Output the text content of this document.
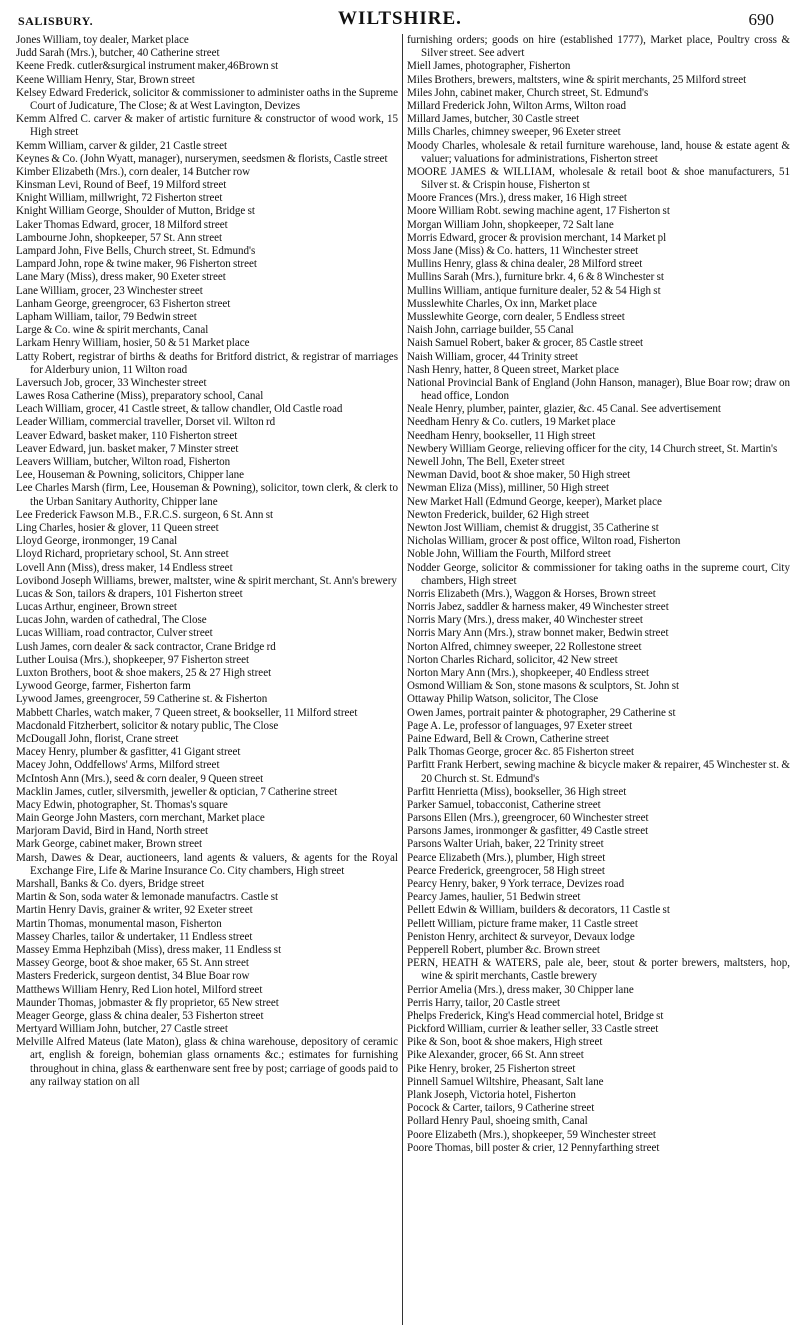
SALISBURY.	WILTSHIRE.	690
Jones William, toy dealer, Market place
Judd Sarah (Mrs.), butcher, 40 Catherine street
Keene Fredk. cutler&surgical instrument maker,46Brown st
Keene William Henry, Star, Brown street
Kelsey Edward Frederick, solicitor & commissioner to administer oaths in the Supreme Court of Judicature, The Close; & at West Lavington, Devizes
Kemm Alfred C. carver & maker of artistic furniture & constructor of wood work, 15 High street
Kemm William, carver & gilder, 21 Castle street
Keynes & Co. (John Wyatt, manager), nurserymen, seedsmen & florists, Castle street
Kimber Elizabeth (Mrs.), corn dealer, 14 Butcher row
Kinsman Levi, Round of Beef, 19 Milford street
Knight William, millwright, 72 Fisherton street
Knight William George, Shoulder of Mutton, Bridge st
Laker Thomas Edward, grocer, 18 Milford street
Lambourne John, shopkeeper, 57 St. Ann street
Lampard John, Five Bells, Church street, St. Edmund's
Lampard John, rope & twine maker, 96 Fisherton street
Lane Mary (Miss), dress maker, 90 Exeter street
Lane William, grocer, 23 Winchester street
Lanham George, greengrocer, 63 Fisherton street
Lapham William, tailor, 79 Bedwin street
Large & Co. wine & spirit merchants, Canal
Larkam Henry William, hosier, 50 & 51 Market place
Latty Robert, registrar of births & deaths for Britford district, & registrar of marriages for Alderbury union, 11 Wilton road
Laversuch Job, grocer, 33 Winchester street
Lawes Rosa Catherine (Miss), preparatory school, Canal
Leach William, grocer, 41 Castle street, & tallow chandler, Old Castle road
Leader William, commercial traveller, Dorset vil. Wilton rd
Leaver Edward, basket maker, 110 Fisherton street
Leaver Edward, jun. basket maker, 7 Minster street
Leavers William, butcher, Wilton road, Fisherton
Lee, Houseman & Powning, solicitors, Chipper lane
Lee Charles Marsh (firm, Lee, Houseman & Powning), solicitor, town clerk, & clerk to the Urban Sanitary Authority, Chipper lane
Lee Frederick Fawson M.B., F.R.C.S. surgeon, 6 St. Ann st
Ling Charles, hosier & glover, 11 Queen street
Lloyd George, ironmonger, 19 Canal
Lloyd Richard, proprietary school, St. Ann street
Lovell Ann (Miss), dress maker, 14 Endless street
Lovibond Joseph Williams, brewer, maltster, wine & spirit merchant, St. Ann's brewery
Lucas & Son, tailors & drapers, 101 Fisherton street
Lucas Arthur, engineer, Brown street
Lucas John, warden of cathedral, The Close
Lucas William, road contractor, Culver street
Lush James, corn dealer & sack contractor, Crane Bridge rd
Luther Louisa (Mrs.), shopkeeper, 97 Fisherton street
Luxton Brothers, boot & shoe makers, 25 & 27 High street
Lywood George, farmer, Fisherton farm
Lywood James, greengrocer, 59 Catherine st. & Fisherton
Mabbett Charles, watch maker, 7 Queen street, & bookseller, 11 Milford street
Macdonald Fitzherbert, solicitor & notary public, The Close
McDougall John, florist, Crane street
Macey Henry, plumber & gasfitter, 41 Gigant street
Macey John, Oddfellows' Arms, Milford street
McIntosh Ann (Mrs.), seed & corn dealer, 9 Queen street
Macklin James, cutler, silversmith, jeweller & optician, 7 Catherine street
Macy Edwin, photographer, St. Thomas's square
Main George John Masters, corn merchant, Market place
Marjoram David, Bird in Hand, North street
Mark George, cabinet maker, Brown street
Marsh, Dawes & Dear, auctioneers, land agents & valuers, & agents for the Royal Exchange Fire, Life & Marine Insurance Co. City chambers, High street
Marshall, Banks & Co. dyers, Bridge street
Martin & Son, soda water & lemonade manufactrs. Castle st
Martin Henry Davis, grainer & writer, 92 Exeter street
Martin Thomas, monumental mason, Fisherton
Massey Charles, tailor & undertaker, 11 Endless street
Massey Emma Hephzibah (Miss), dress maker, 11 Endless st
Massey George, boot & shoe maker, 65 St. Ann street
Masters Frederick, surgeon dentist, 34 Blue Boar row
Matthews William Henry, Red Lion hotel, Milford street
Maunder Thomas, jobmaster & fly proprietor, 65 New street
Meager George, glass & china dealer, 53 Fisherton street
Mertyard William John, butcher, 27 Castle street
Melville Alfred Mateus (late Maton), glass & china warehouse, depository of ceramic art, english & foreign, bohemian glass ornaments &c.; estimates for furnishing throughout in china, glass & earthenware sent free by post; carriage of goods paid to any railway station on all
furnishing orders; goods on hire (established 1777), Market place, Poultry cross & Silver street. See advert
Miell James, photographer, Fisherton
Miles Brothers, brewers, maltsters, wine & spirit merchants, 25 Milford street
Miles John, cabinet maker, Church street, St. Edmund's
Millard Frederick John, Wilton Arms, Wilton road
Millard James, butcher, 30 Castle street
Mills Charles, chimney sweeper, 96 Exeter street
Moody Charles, wholesale & retail furniture warehouse, land, house & estate agent & valuer; valuations for administrations, Fisherton street
MOORE JAMES & WILLIAM, wholesale & retail boot & shoe manufacturers, 51 Silver st. & Crispin house, Fisherton st
Moore Frances (Mrs.), dress maker, 16 High street
Moore William Robt. sewing machine agent, 17 Fisherton st
Morgan William John, shopkeeper, 72 Salt lane
Morris Edward, grocer & provision merchant, 14 Market pl
Moss Jane (Miss) & Co. hatters, 11 Winchester street
Mullins Henry, glass & china dealer, 28 Milford street
Mullins Sarah (Mrs.), furniture brkr. 4, 6 & 8 Winchester st
Mullins William, antique furniture dealer, 52 & 54 High st
Musslewhite Charles, Ox inn, Market place
Musslewhite George, corn dealer, 5 Endless street
Naish John, carriage builder, 55 Canal
Naish Samuel Robert, baker & grocer, 85 Castle street
Naish William, grocer, 44 Trinity street
Nash Henry, hatter, 8 Queen street, Market place
National Provincial Bank of England (John Hanson, manager), Blue Boar row; draw on head office, London
Neale Henry, plumber, painter, glazier, &c. 45 Canal. See advertisement
Needham Henry & Co. cutlers, 19 Market place
Needham Henry, bookseller, 11 High street
Newbery William George, relieving officer for the city, 14 Church street, St. Martin's
Newell John, The Bell, Exeter street
Newman David, boot & shoe maker, 50 High street
Newman Eliza (Miss), milliner, 50 High street
New Market Hall (Edmund George, keeper), Market place
Newton Frederick, builder, 62 High street
Newton Jost William, chemist & druggist, 35 Catherine st
Nicholas William, grocer & post office, Wilton road, Fisherton
Noble John, William the Fourth, Milford street
Nodder George, solicitor & commissioner for taking oaths in the supreme court, City chambers, High street
Norris Elizabeth (Mrs.), Waggon & Horses, Brown street
Norris Jabez, saddler & harness maker, 49 Winchester street
Norris Mary (Mrs.), dress maker, 40 Winchester street
Norris Mary Ann (Mrs.), straw bonnet maker, Bedwin street
Norton Alfred, chimney sweeper, 22 Rollestone street
Norton Charles Richard, solicitor, 42 New street
Norton Mary Ann (Mrs.), shopkeeper, 40 Endless street
Osmond William & Son, stone masons & sculptors, St. John st
Ottaway Philip Watson, solicitor, The Close
Owen James, portrait painter & photographer, 29 Catherine st
Page A. Le, professor of languages, 97 Exeter street
Paine Edward, Bell & Crown, Catherine street
Palk Thomas George, grocer &c. 85 Fisherton street
Parfitt Frank Herbert, sewing machine & bicycle maker & repairer, 45 Winchester st. & 20 Church st. St. Edmund's
Parfitt Henrietta (Miss), bookseller, 36 High street
Parker Samuel, tobacconist, Catherine street
Parsons Ellen (Mrs.), greengrocer, 60 Winchester street
Parsons James, ironmonger & gasfitter, 49 Castle street
Parsons Walter Uriah, baker, 22 Trinity street
Pearce Elizabeth (Mrs.), plumber, High street
Pearce Frederick, greengrocer, 58 High street
Pearcy Henry, baker, 9 York terrace, Devizes road
Pearcy James, haulier, 51 Bedwin street
Pellett Edwin & William, builders & decorators, 11 Castle st
Pellett William, picture frame maker, 11 Castle street
Peniston Henry, architect & surveyor, Devaux lodge
Pepperell Robert, plumber &c. Brown street
PERN, HEATH & WATERS, pale ale, beer, stout & porter brewers, maltsters, hop, wine & spirit merchants, Castle brewery
Perrior Amelia (Mrs.), dress maker, 30 Chipper lane
Perris Harry, tailor, 20 Castle street
Phelps Frederick, King's Head commercial hotel, Bridge st
Pickford William, currier & leather seller, 33 Castle street
Pike & Son, boot & shoe makers, High street
Pike Alexander, grocer, 66 St. Ann street
Pike Henry, broker, 25 Fisherton street
Pinnell Samuel Wiltshire, Pheasant, Salt lane
Plank Joseph, Victoria hotel, Fisherton
Pocock & Carter, tailors, 9 Catherine street
Pollard Henry Paul, shoeing smith, Canal
Poore Elizabeth (Mrs.), shopkeeper, 59 Winchester street
Poore Thomas, bill poster & crier, 12 Pennyfarthing street
